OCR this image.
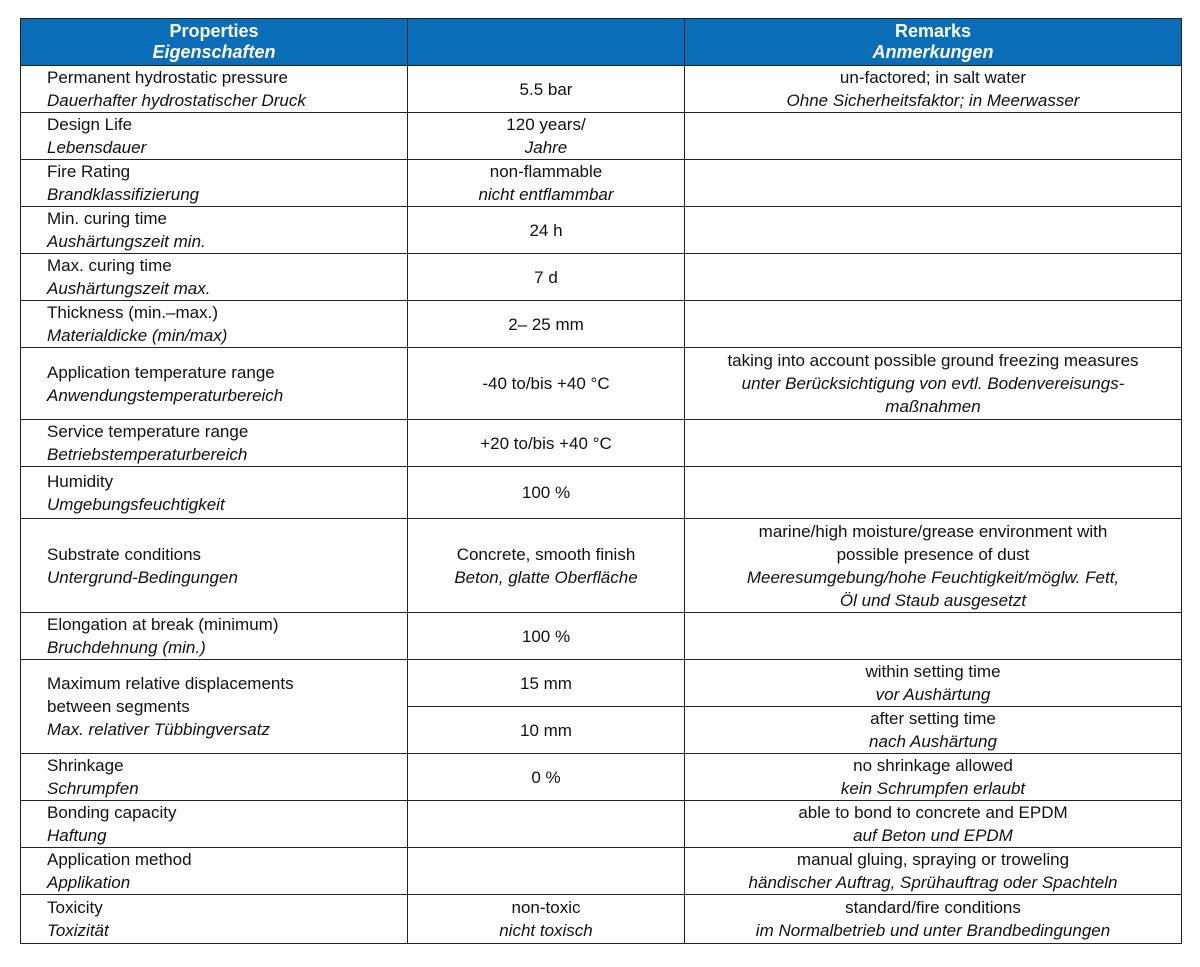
Properties
Eigenschaften		Remarks
Anmerkungen

Permanent hydrostatic pressure
Dauerhafter hydrostatischer Druck	5.5 bar	un-factored; in salt water
Ohne Sicherheitsfaktor; in Meerwasser

Design Life
Lebensdauer	120 years/
Jahre	

Fire Rating
Brandklassifizierung	non-flammable
nicht entflammbar	

Min. curing time
Aushärtungszeit min.	24 h	

Max. curing time
Aushärtungszeit max.	7 d	

Thickness (min.–max.)
Materialdicke (min/max)	2– 25 mm	

Application temperature range
Anwendungstemperaturbereich	-40 to/bis +40 °C	taking into account possible ground freezing measures
unter Berücksichtigung von evtl. Bodenvereisungs-
maßnahmen

Service temperature range
Betriebstemperaturbereich	+20 to/bis +40 °C	

Humidity
Umgebungsfeuchtigkeit	100 %	

Substrate conditions
Untergrund-Bedingungen	Concrete, smooth finish
Beton, glatte Oberfläche	marine/high moisture/grease environment with
possible presence of dust
Meeresumgebung/hohe Feuchtigkeit/möglw. Fett,
Öl und Staub ausgesetzt

Elongation at break (minimum)
Bruchdehnung (min.)	100 %	

Maximum relative displacements
between segments
Max. relativer Tübbingversatz	15 mm	within setting time
vor Aushärtung

	10 mm	after setting time
nach Aushärtung

Shrinkage
Schrumpfen	0 %	no shrinkage allowed
kein Schrumpfen erlaubt

Bonding capacity
Haftung		able to bond to concrete and EPDM
auf Beton und EPDM

Application method
Applikation		manual gluing, spraying or troweling
händischer Auftrag, Sprühauftrag oder Spachteln

Toxicity
Toxizität	non-toxic
nicht toxisch	standard/fire conditions
im Normalbetrieb und unter Brandbedingungen
